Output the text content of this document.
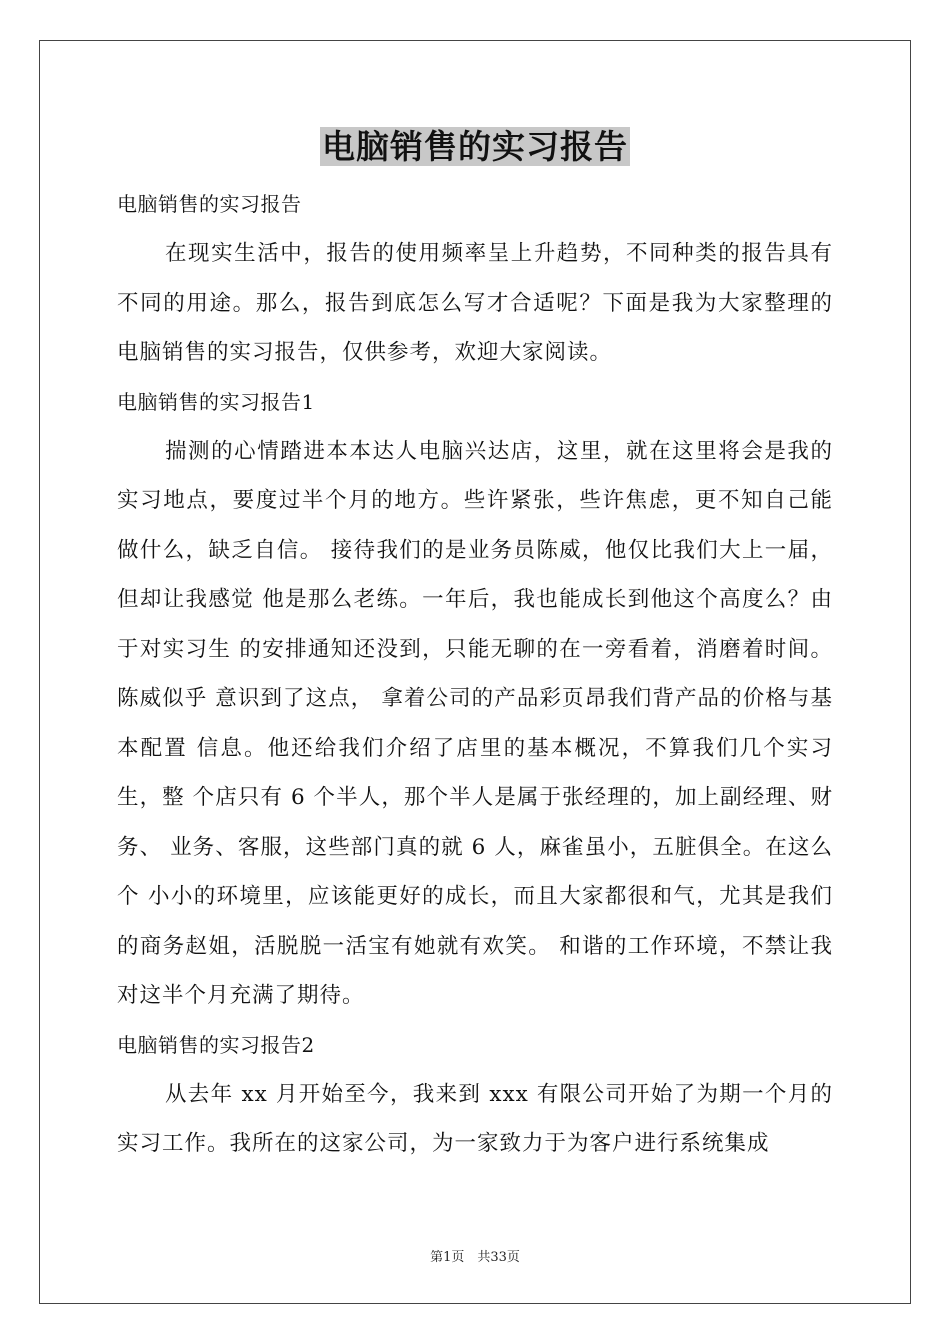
电脑销售的实习报告
电脑销售的实习报告

在现实生活中，报告的使用频率呈上升趋势，不同种类的报告具有不同的用途。那么，报告到底怎么写才合适呢？下面是我为大家整理的电脑销售的实习报告，仅供参考，欢迎大家阅读。

电脑销售的实习报告1

揣测的心情踏进本本达人电脑兴达店，这里，就在这里将会是我的实习地点，要度过半个月的地方。些许紧张，些许焦虑，更不知自己能做什么，缺乏自信。 接待我们的是业务员陈威，他仅比我们大上一届，但却让我感觉 他是那么老练。一年后，我也能成长到他这个高度么？由于对实习生 的安排通知还没到，只能无聊的在一旁看着，消磨着时间。陈威似乎 意识到了这点， 拿着公司的产品彩页昂我们背产品的价格与基本配置 信息。他还给我们介绍了店里的基本概况，不算我们几个实习生，整 个店只有 6 个半人，那个半人是属于张经理的，加上副经理、财务、 业务、客服，这些部门真的就 6 人，麻雀虽小，五脏俱全。在这么个 小小的环境里，应该能更好的成长，而且大家都很和气，尤其是我们 的商务赵姐，活脱脱一活宝有她就有欢笑。 和谐的工作环境，不禁让我对这半个月充满了期待。

电脑销售的实习报告2

从去年 xx 月开始至今，我来到 xxx 有限公司开始了为期一个月的实习工作。我所在的这家公司，为一家致力于为客户进行系统集成

第1页　共33页
